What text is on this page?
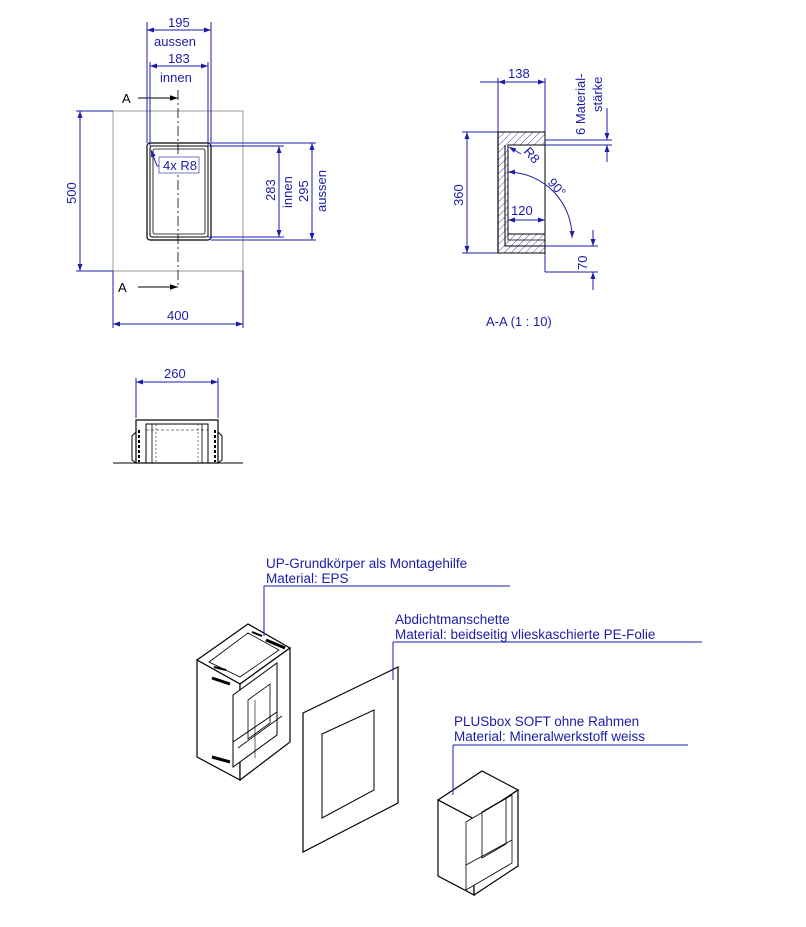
A
A
195
aussen
183
innen
4x R8
500	283 innen 295 aussen
400
138
6 Material- stärke
R8
90°
360
120
70
A-A (1 : 10)
260
UP-Grundkörper als Montagehilfe
Material: EPS
Abdichtmanschette
Material: beidseitig vlieskaschierte PE-Folie
PLUSbox SOFT ohne Rahmen
Material: Mineralwerkstoff weiss
